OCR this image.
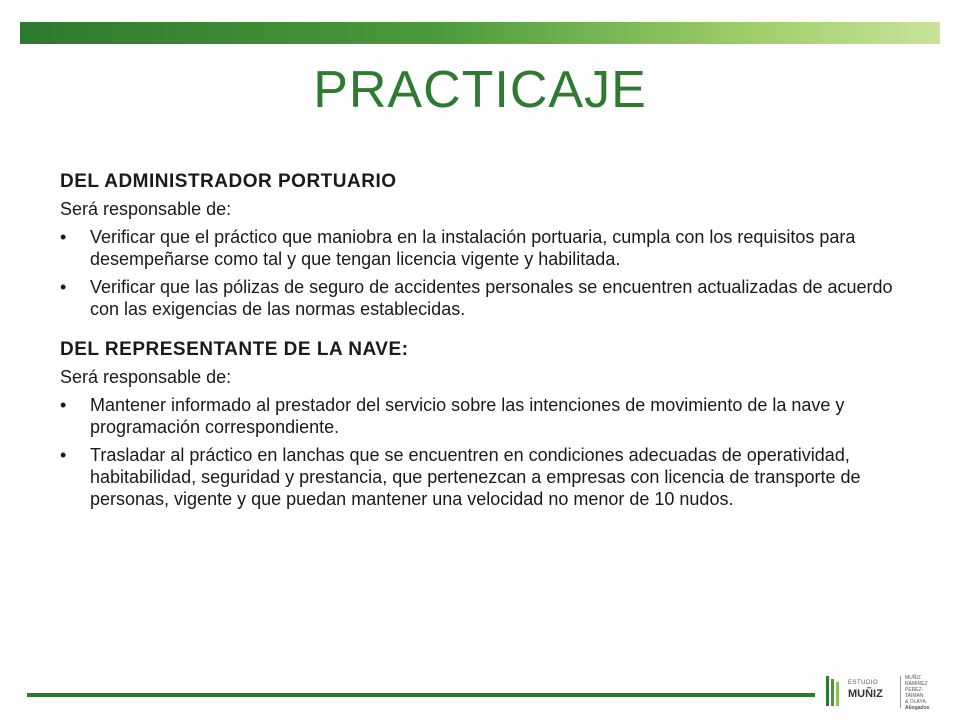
PRACTICAJE
DEL ADMINISTRADOR PORTUARIO
Será responsable de:
•	Verificar que el práctico que maniobra en la instalación portuaria, cumpla con los requisitos para desempeñarse como tal y que tengan licencia vigente y habilitada.
•	Verificar que las pólizas de seguro de accidentes personales se encuentren actualizadas de acuerdo con las exigencias de las normas establecidas.
DEL REPRESENTANTE DE LA NAVE:
Será responsable de:
•	Mantener informado al prestador del servicio sobre las intenciones de movimiento de la nave y programación correspondiente.
•	Trasladar al práctico en lanchas que se encuentren en condiciones adecuadas de operatividad, habitabilidad, seguridad y prestancia, que pertenezcan a empresas con licencia de transporte de personas, vigente y que puedan mantener una velocidad no menor de 10 nudos.
ESTUDIO
MUÑIZ
MUÑIZ
RAMIREZ
PEREZ-TAIMAN
& OLAYA
Abogados
